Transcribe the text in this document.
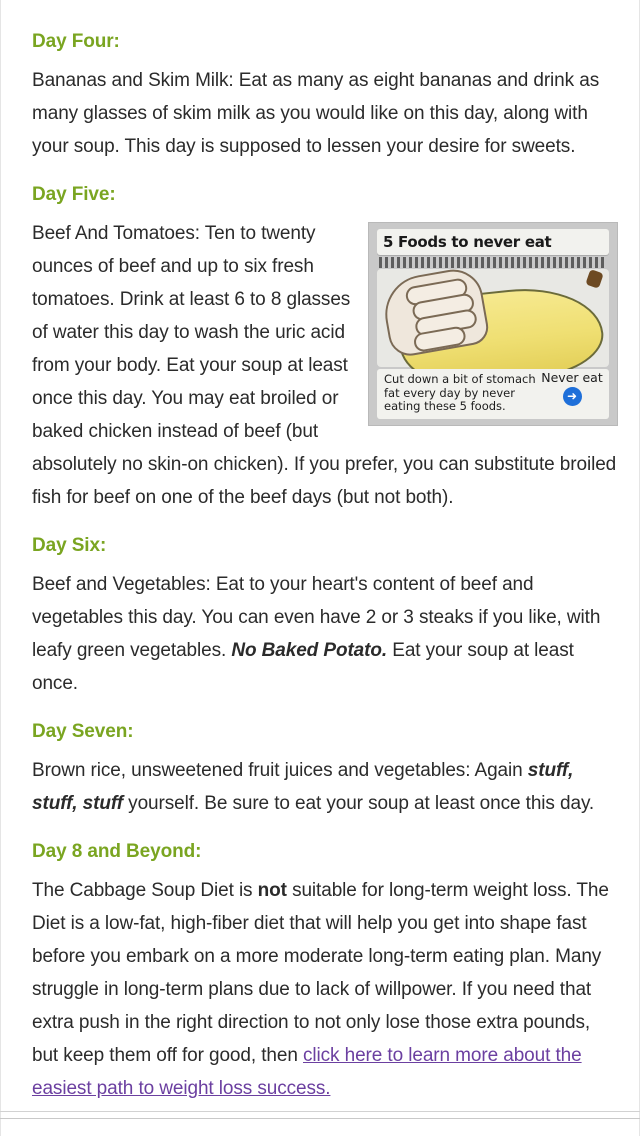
Day Four:

Bananas and Skim Milk: Eat as many as eight bananas and drink as many glasses of skim milk as you would like on this day, along with your soup. This day is supposed to lessen your desire for sweets.

Day Five:
5 Foods to never eat
Cut down a bit of stomach fat every day by never eating these 5 foods.
Never eat
➜

Beef And Tomatoes: Ten to twenty ounces of beef and up to six fresh tomatoes. Drink at least 6 to 8 glasses of water this day to wash the uric acid from your body. Eat your soup at least once this day. You may eat broiled or baked chicken instead of beef (but absolutely no skin-on chicken). If you prefer, you can substitute broiled fish for beef on one of the beef days (but not both).

Day Six:

Beef and Vegetables: Eat to your heart's content of beef and vegetables this day. You can even have 2 or 3 steaks if you like, with leafy green vegetables. No Baked Potato. Eat your soup at least once.

Day Seven:

Brown rice, unsweetened fruit juices and vegetables: Again stuff, stuff, stuff yourself. Be sure to eat your soup at least once this day.

Day 8 and Beyond:

The Cabbage Soup Diet is not suitable for long-term weight loss. The Diet is a low-fat, high-fiber diet that will help you get into shape fast before you embark on a more moderate long-term eating plan. Many struggle in long-term plans due to lack of willpower. If you need that extra push in the right direction to not only lose those extra pounds, but keep them off for good, then click here to learn more about the easiest path to weight loss success.
